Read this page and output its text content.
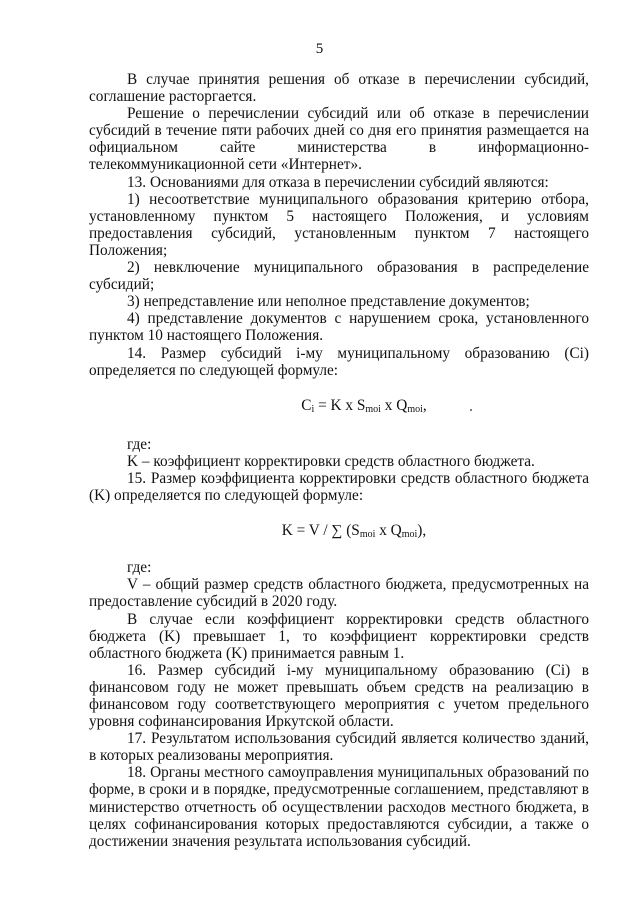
5

В случае принятия решения об отказе в перечислении субсидий, соглашение расторгается.

Решение о перечислении субсидий или об отказе в перечислении субсидий в течение пяти рабочих дней со дня его принятия размещается на официальном сайте министерства в информационно-телекоммуникационной сети «Интернет».

13. Основаниями для отказа в перечислении субсидий являются:

1) несоответствие муниципального образования критерию отбора, установленному пунктом 5 настоящего Положения, и условиям предоставления субсидий, установленным пунктом 7 настоящего Положения;

2) невключение муниципального образования в распределение субсидий;

3) непредставление или неполное представление документов;

4) представление документов с нарушением срока, установленного пунктом 10 настоящего Положения.

14. Размер субсидий i-му муниципальному образованию (Ci) определяется по следующей формуле:

$C_i = K$ x $S_{moi}$ x $Q_{moi}$,

где:

K – коэффициент корректировки средств областного бюджета.

15. Размер коэффициента корректировки средств областного бюджета (K) определяется по следующей формуле:

K = V / ∑ ($S_{moi}$ x $Q_{moi}$),

где:

V – общий размер средств областного бюджета, предусмотренных на предоставление субсидий в 2020 году.

В случае если коэффициент корректировки средств областного бюджета (K) превышает 1, то коэффициент корректировки средств областного бюджета (K) принимается равным 1.

16. Размер субсидий i-му муниципальному образованию (Ci) в финансовом году не может превышать объем средств на реализацию в финансовом году соответствующего мероприятия с учетом предельного уровня софинансирования Иркутской области.

17. Результатом использования субсидий является количество зданий, в которых реализованы мероприятия.

18. Органы местного самоуправления муниципальных образований по форме, в сроки и в порядке, предусмотренные соглашением, представляют в министерство отчетность об осуществлении расходов местного бюджета, в целях софинансирования которых предоставляются субсидии, а также о достижении значения результата использования субсидий.
